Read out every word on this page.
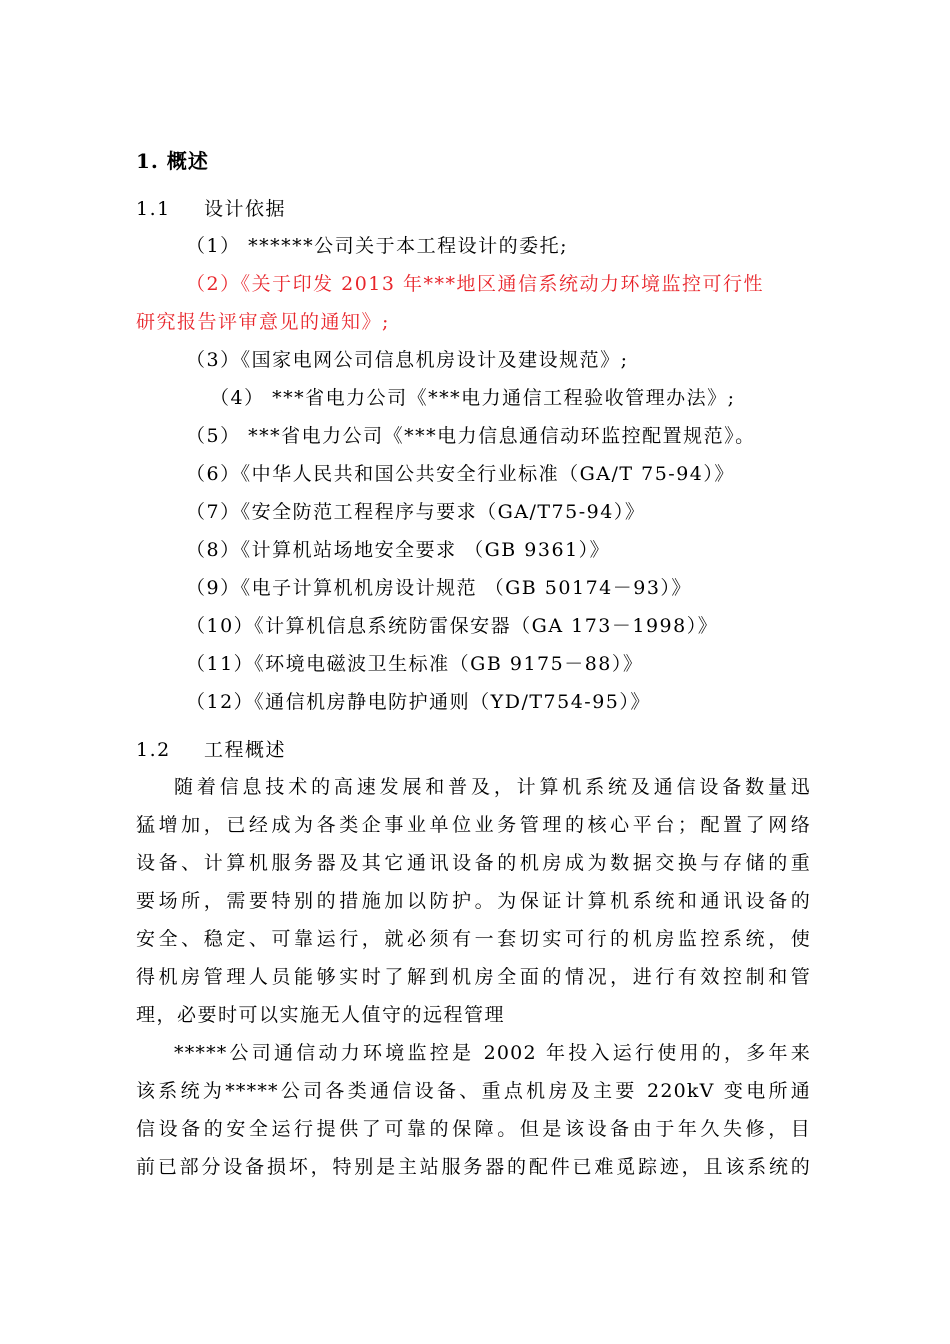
1. 概述
1.1 设计依据
（1） ******公司关于本工程设计的委托;
（2）《关于印发 2013 年***地区通信系统动力环境监控可行性
研究报告评审意见的通知》;
（3）《国家电网公司信息机房设计及建设规范》;
（4） ***省电力公司《***电力通信工程验收管理办法》;
（5） ***省电力公司《***电力信息通信动环监控配置规范》。
（6）《中华人民共和国公共安全行业标准（GA/T 75-94）》
（7）《安全防范工程程序与要求（GA/T75-94）》
（8）《计算机站场地安全要求 （GB 9361）》
（9）《电子计算机机房设计规范 （GB 50174－93）》
（10）《计算机信息系统防雷保安器（GA 173－1998）》
（11）《环境电磁波卫生标准（GB 9175－88）》
（12）《通信机房静电防护通则（YD/T754-95）》
1.2 工程概述
随着信息技术的高速发展和普及，计算机系统及通信设备数量迅
猛增加，已经成为各类企事业单位业务管理的核心平台；配置了网络
设备、计算机服务器及其它通讯设备的机房成为数据交换与存储的重
要场所，需要特别的措施加以防护。为保证计算机系统和通讯设备的
安全、稳定、可靠运行，就必须有一套切实可行的机房监控系统，使
得机房管理人员能够实时了解到机房全面的情况，进行有效控制和管
理，必要时可以实施无人值守的远程管理
*****公司通信动力环境监控是 2002 年投入运行使用的，多年来
该系统为*****公司各类通信设备、重点机房及主要 220kV 变电所通
信设备的安全运行提供了可靠的保障。但是该设备由于年久失修，目
前已部分设备损坏，特别是主站服务器的配件已难觅踪迹，且该系统的
